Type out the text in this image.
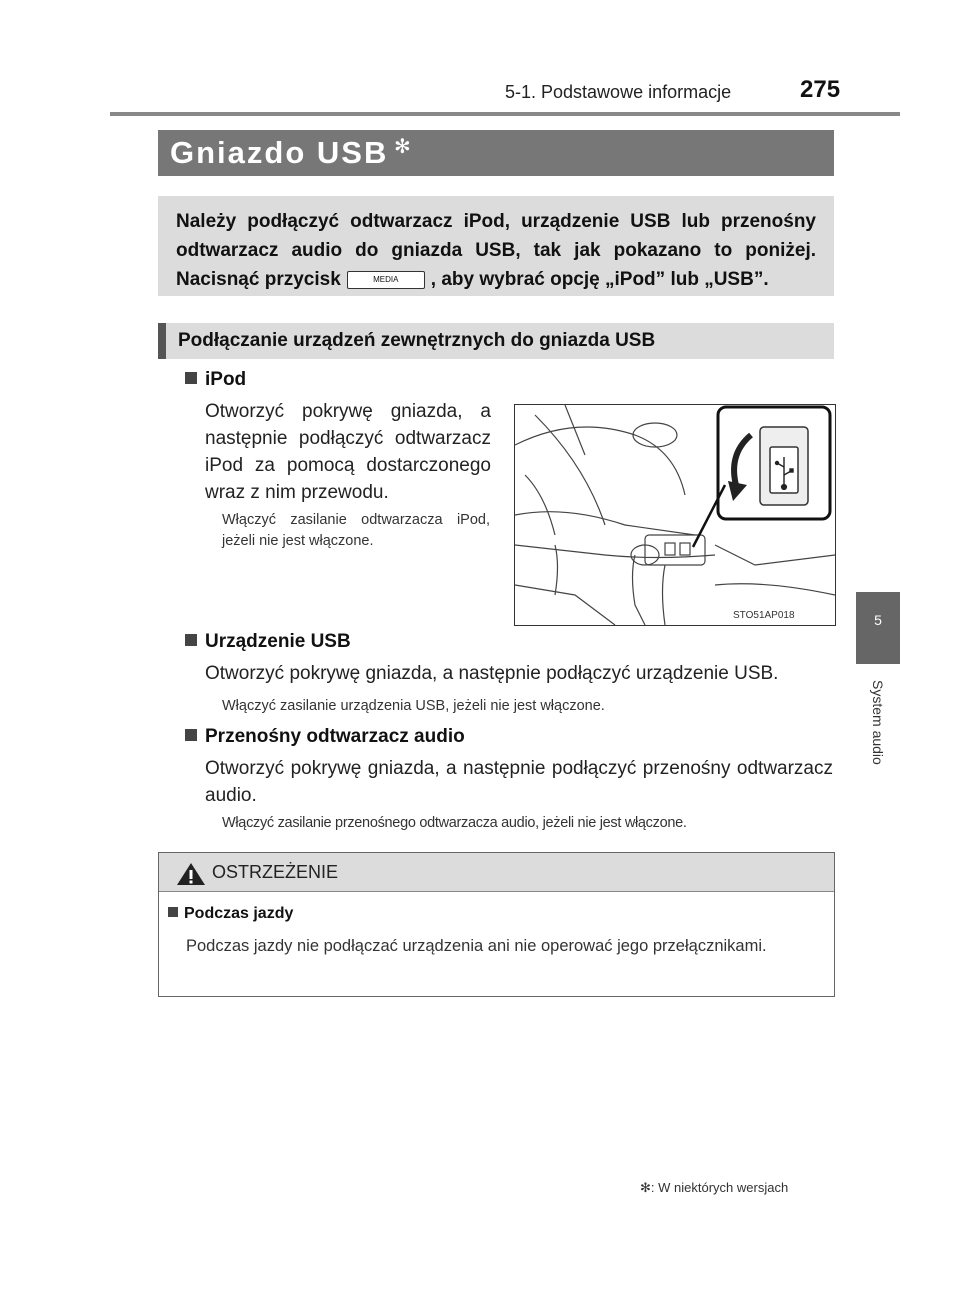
5-1. Podstawowe informacje	275
Gniazdo USB ✻
Należy podłączyć odtwarzacz iPod, urządzenie USB lub przenośny odtwarzacz audio do gniazda USB, tak jak pokazano to poniżej. Nacisnąć przycisk	MEDIA , aby wybrać opcję „iPod” lub „USB”.
Podłączanie urządzeń zewnętrznych do gniazda USB
iPod
Otworzyć pokrywę gniazda, a następnie podłączyć odtwarzacz iPod za pomocą dostarczonego wraz z nim przewodu.
Włączyć zasilanie odtwarzacza iPod, jeżeli nie jest włączone.
STO51AP018
Urządzenie USB
Otworzyć pokrywę gniazda, a następnie podłączyć urządzenie USB.
Włączyć zasilanie urządzenia USB, jeżeli nie jest włączone.
Przenośny odtwarzacz audio
Otworzyć pokrywę gniazda, a następnie podłączyć przenośny odtwarzacz audio.
Włączyć zasilanie przenośnego odtwarzacza audio, jeżeli nie jest włączone.
5
System audio
OSTRZEŻENIE
Podczas jazdy
Podczas jazdy nie podłączać urządzenia ani nie operować jego przełącznikami.
✻: W niektórych wersjach
